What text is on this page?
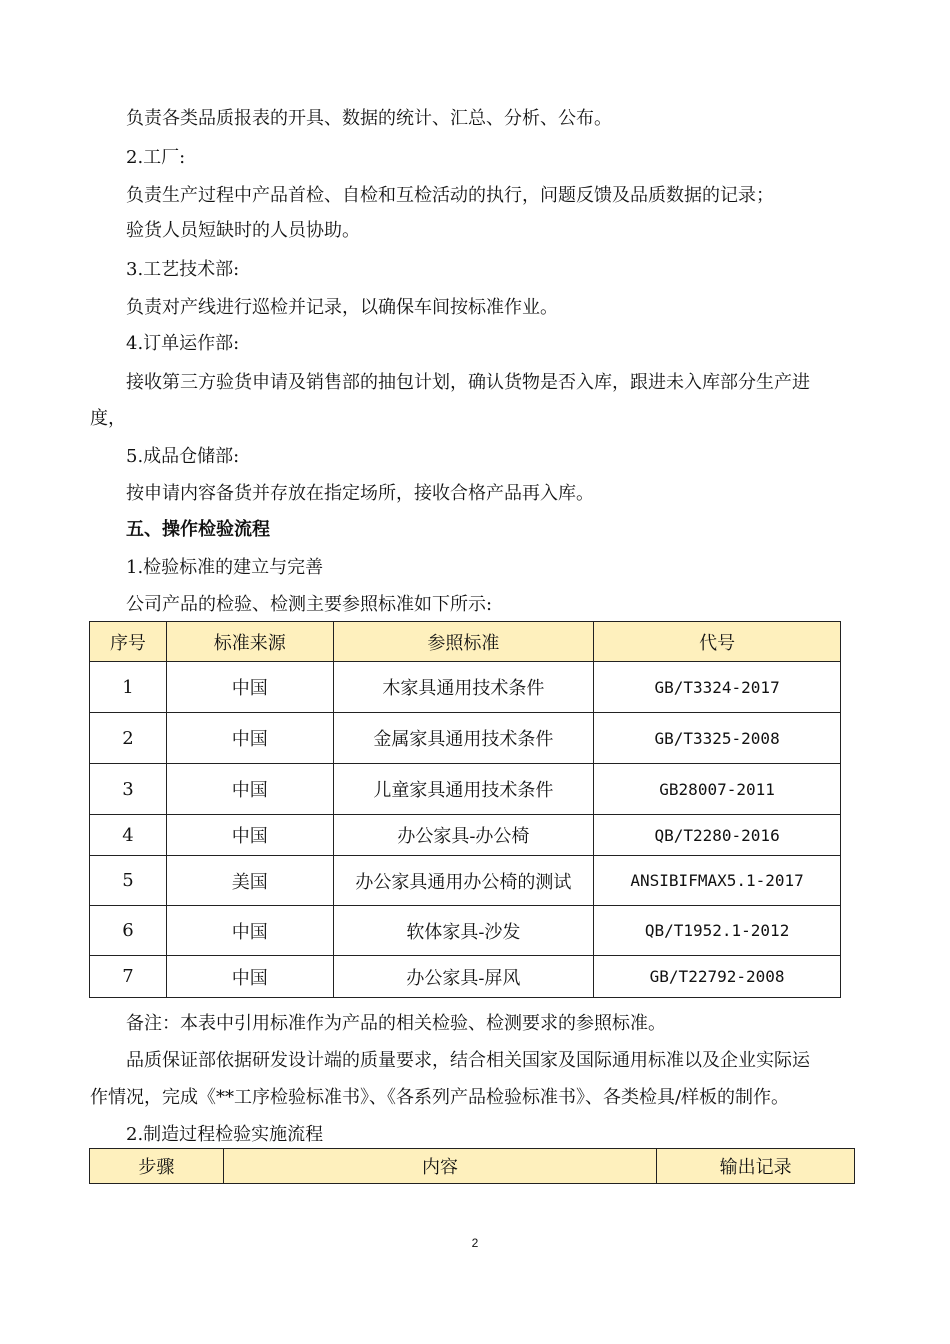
负责各类品质报表的开具、数据的统计、汇总、分析、公布。
2.工厂:
负责生产过程中产品首检、自检和互检活动的执行，问题反馈及品质数据的记录；
验货人员短缺时的人员协助。
3.工艺技术部:
负责对产线进行巡检并记录，以确保车间按标准作业。
4.订单运作部:
接收第三方验货申请及销售部的抽包计划，确认货物是否入库，跟进未入库部分生产进
度，
5.成品仓储部:
按申请内容备货并存放在指定场所，接收合格产品再入库。
五、操作检验流程
1.检验标准的建立与完善
公司产品的检验、检测主要参照标准如下所示:
序号	标准来源	参照标准	代号
1	中国	木家具通用技术条件	GB/T3324-2017
2	中国	金属家具通用技术条件	GB/T3325-2008
3	中国	儿童家具通用技术条件	GB28007-2011
4	中国	办公家具-办公椅	QB/T2280-2016
5	美国	办公家具通用办公椅的测试	ANSIBIFMAX5.1-2017
6	中国	软体家具-沙发	QB/T1952.1-2012
7	中国	办公家具-屏风	GB/T22792-2008
备注：本表中引用标准作为产品的相关检验、检测要求的参照标准。
品质保证部依据研发设计端的质量要求，结合相关国家及国际通用标准以及企业实际运
作情况，完成《**工序检验标准书》、《各系列产品检验标准书》、各类检具/样板的制作。
2.制造过程检验实施流程
步骤	内容	输出记录
2
